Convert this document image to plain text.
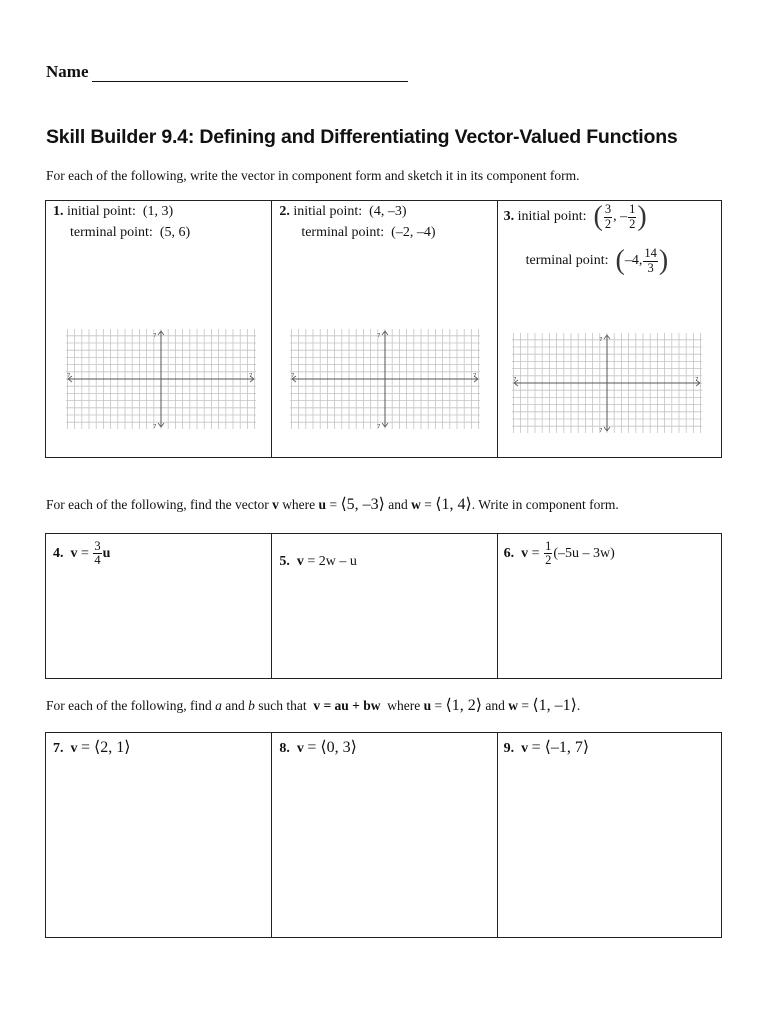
Name
Skill Builder 9.4: Defining and Differentiating Vector-Valued Functions
For each of the following, write the vector in component form and sketch it in its component form.
1. initial point: (1, 3)
terminal point: (5, 6)
7
7
7	7
2. initial point: (4, –3)
terminal point: (–2, –4)
7
7
7	7
3. initial point: ( $\frac{3}{2}$ , – $\frac{1}{2}$ )
terminal point: (–4, $\frac{14}{3}$ )
7
7
7	7
For each of the following, find the vector v where u = ⟨5, –3⟩ and w = ⟨1, 4⟩. Write in component form.
4. $v = \frac{3}{4}$ u
5. v = 2w – u
6. $v = \frac{1}{2} (-5u - 3w)$
For each of the following, find a and b such that v = au + bw where u = ⟨1, 2⟩ and w = ⟨1, –1⟩.
7. v = ⟨2, 1⟩	8. v = ⟨0, 3⟩	9. v = ⟨–1, 7⟩
